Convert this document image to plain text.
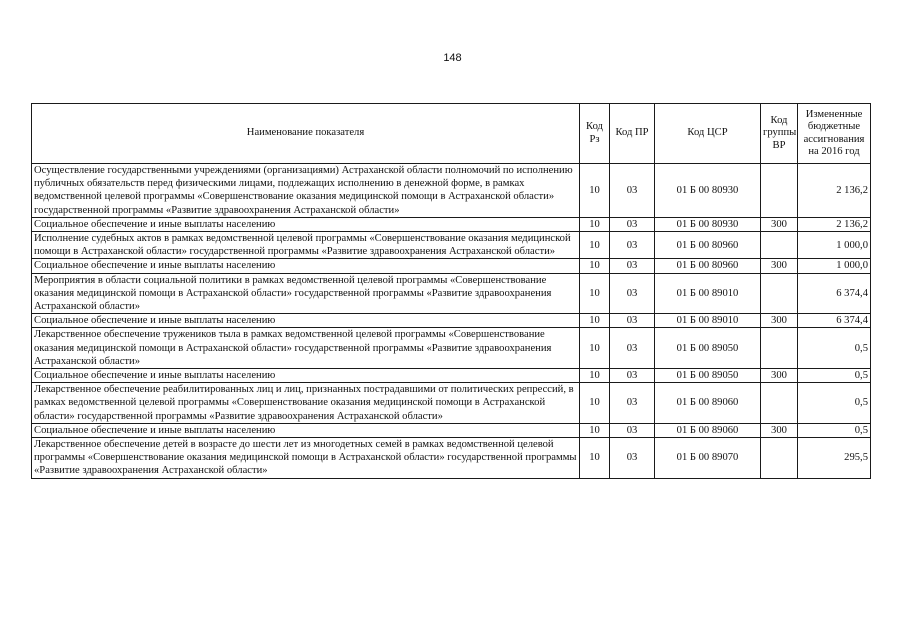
148
Наименование показателя	Код Рз	Код ПР	Код ЦСР	Код группы ВР	Измененные бюджетные ассигнования на 2016 год
Осуществление государственными учреждениями (организациями) Астраханской области полномочий по исполнению публичных обязательств перед физическими лицами, подлежащих исполнению в денежной форме, в рамках ведомственной целевой программы «Совершенствование оказания медицинской помощи в Астраханской области» государственной программы «Развитие здравоохранения Астраханской области»	10	03	01 Б 00 80930		2 136,2
Социальное обеспечение и иные выплаты населению	10	03	01 Б 00 80930	300	2 136,2
Исполнение судебных актов в рамках ведомственной целевой программы «Совершенствование оказания медицинской помощи в Астраханской области» государственной программы «Развитие здравоохранения Астраханской области»	10	03	01 Б 00 80960		1 000,0
Социальное обеспечение и иные выплаты населению	10	03	01 Б 00 80960	300	1 000,0
Мероприятия в области социальной политики в рамках ведомственной целевой программы «Совершенствование оказания медицинской помощи в Астраханской области» государственной программы «Развитие здравоохранения Астраханской области»	10	03	01 Б 00 89010		6 374,4
Социальное обеспечение и иные выплаты населению	10	03	01 Б 00 89010	300	6 374,4
Лекарственное обеспечение тружеников тыла в рамках ведомственной целевой программы «Совершенствование оказания медицинской помощи в Астраханской области» государственной программы «Развитие здравоохранения Астраханской области»	10	03	01 Б 00 89050		0,5
Социальное обеспечение и иные выплаты населению	10	03	01 Б 00 89050	300	0,5
Лекарственное обеспечение реабилитированных лиц и лиц, признанных пострадавшими от политических репрессий, в рамках ведомственной целевой программы «Совершенствование оказания медицинской помощи в Астраханской области» государственной программы «Развитие здравоохранения Астраханской области»	10	03	01 Б 00 89060		0,5
Социальное обеспечение и иные выплаты населению	10	03	01 Б 00 89060	300	0,5
Лекарственное обеспечение детей в возрасте до шести лет из многодетных семей в рамках ведомственной целевой программы «Совершенствование оказания медицинской помощи в Астраханской области» государственной программы «Развитие здравоохранения Астраханской области»	10	03	01 Б 00 89070		295,5
